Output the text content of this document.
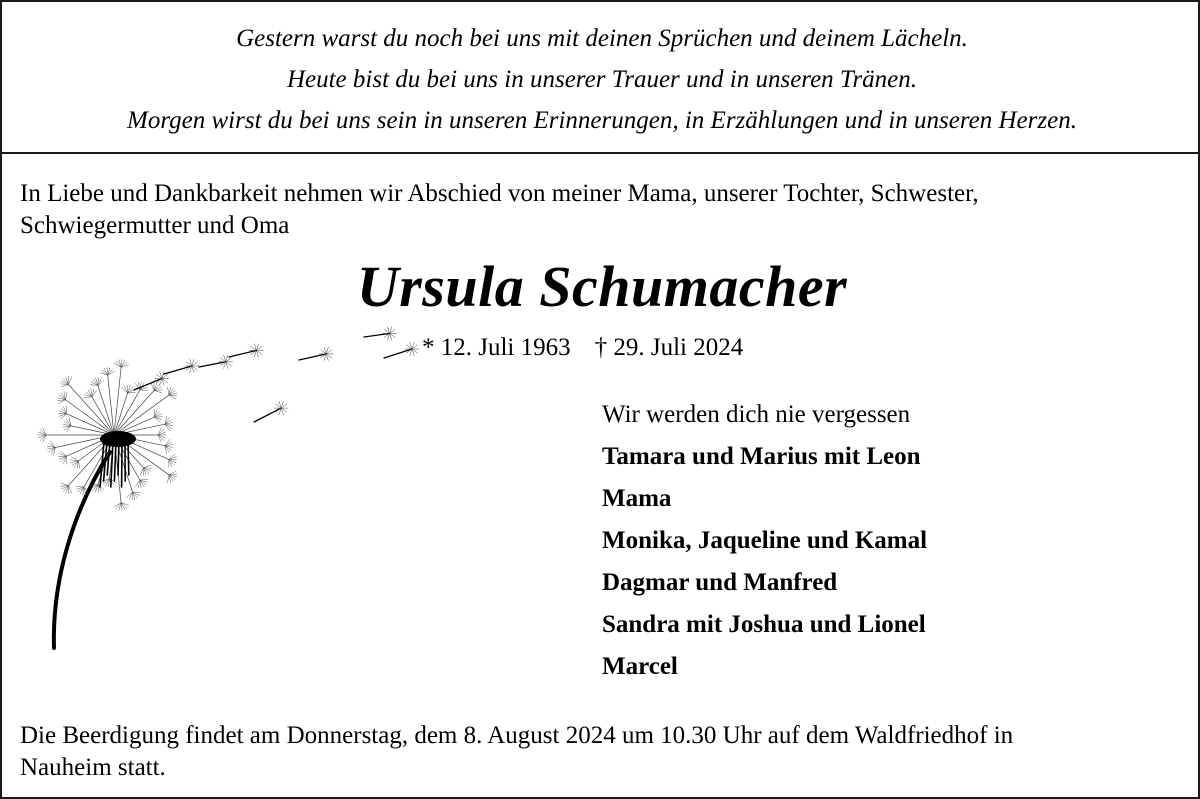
Gestern warst du noch bei uns mit deinen Sprüchen und deinem Lächeln.
Heute bist du bei uns in unserer Trauer und in unseren Tränen.
Morgen wirst du bei uns sein in unseren Erinnerungen, in Erzählungen und in unseren Herzen.
In Liebe und Dankbarkeit nehmen wir Abschied von meiner Mama, unserer Tochter, Schwester,
Schwiegermutter und Oma
Ursula Schumacher
* 12. Juli 1963 † 29. Juli 2024
Wir werden dich nie vergessen
Tamara und Marius mit Leon
Mama
Monika, Jaqueline und Kamal
Dagmar und Manfred
Sandra mit Joshua und Lionel
Marcel
Die Beerdigung findet am Donnerstag, dem 8. August 2024 um 10.30 Uhr auf dem Waldfriedhof in
Nauheim statt.
